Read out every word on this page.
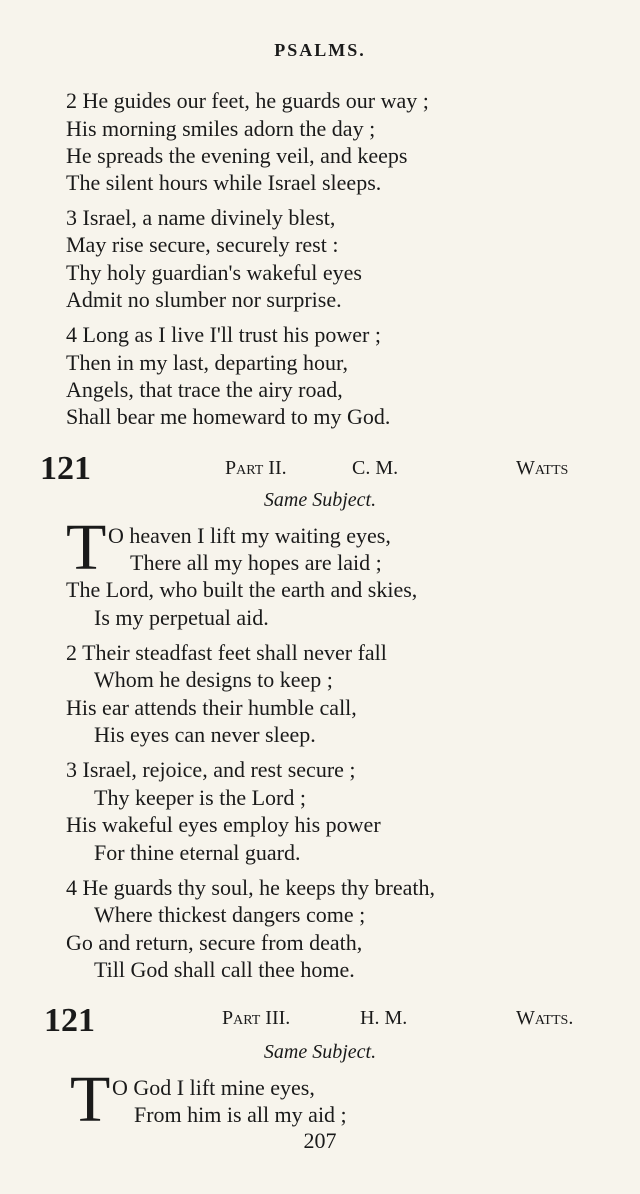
PSALMS.
2 He guides our feet, he guards our way ;
His morning smiles adorn the day ;
He spreads the evening veil, and keeps
The silent hours while Israel sleeps.
3 Israel, a name divinely blest,
May rise secure, securely rest :
Thy holy guardian's wakeful eyes
Admit no slumber nor surprise.
4 Long as I live I'll trust his power ;
Then in my last, departing hour,
Angels, that trace the airy road,
Shall bear me homeward to my God.
121	Part II.	C. M.	Watts
Same Subject.
T O heaven I lift my waiting eyes,
There all my hopes are laid ;
The Lord, who built the earth and skies,
Is my perpetual aid.
2 Their steadfast feet shall never fall
Whom he designs to keep ;
His ear attends their humble call,
His eyes can never sleep.
3 Israel, rejoice, and rest secure ;
Thy keeper is the Lord ;
His wakeful eyes employ his power
For thine eternal guard.
4 He guards thy soul, he keeps thy breath,
Where thickest dangers come ;
Go and return, secure from death,
Till God shall call thee home.
121	Part III.	H. M.	Watts.
Same Subject.
T O God I lift mine eyes,
From him is all my aid ;
207
